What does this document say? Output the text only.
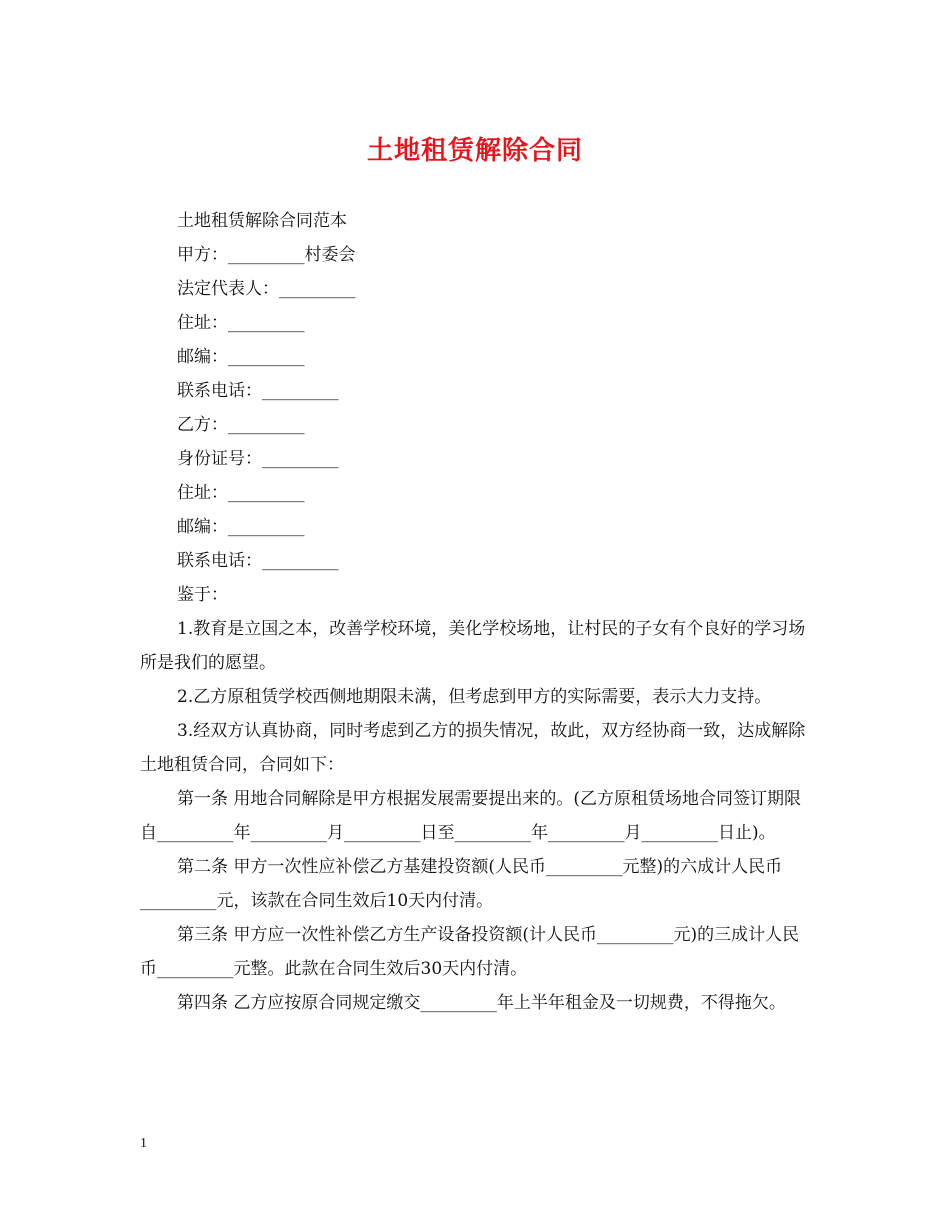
土地租赁解除合同

土地租赁解除合同范本

甲方：_________村委会

法定代表人：_________

住址：_________

邮编：_________

联系电话：_________

乙方：_________

身份证号：_________

住址：_________

邮编：_________

联系电话：_________

鉴于：

1.教育是立国之本，改善学校环境，美化学校场地，让村民的子女有个良好的学习场所是我们的愿望。

2.乙方原租赁学校西侧地期限未满，但考虑到甲方的实际需要，表示大力支持。

3.经双方认真协商，同时考虑到乙方的损失情况，故此，双方经协商一致，达成解除土地租赁合同，合同如下：

第一条 用地合同解除是甲方根据发展需要提出来的。(乙方原租赁场地合同签订期限自_________年_________月_________日至_________年_________月_________日止)。

第二条 甲方一次性应补偿乙方基建投资额(人民币_________元整)的六成计人民币_________元，该款在合同生效后10天内付清。

第三条 甲方应一次性补偿乙方生产设备投资额(计人民币_________元)的三成计人民币_________元整。此款在合同生效后30天内付清。

第四条 乙方应按原合同规定缴交_________年上半年租金及一切规费，不得拖欠。

1
